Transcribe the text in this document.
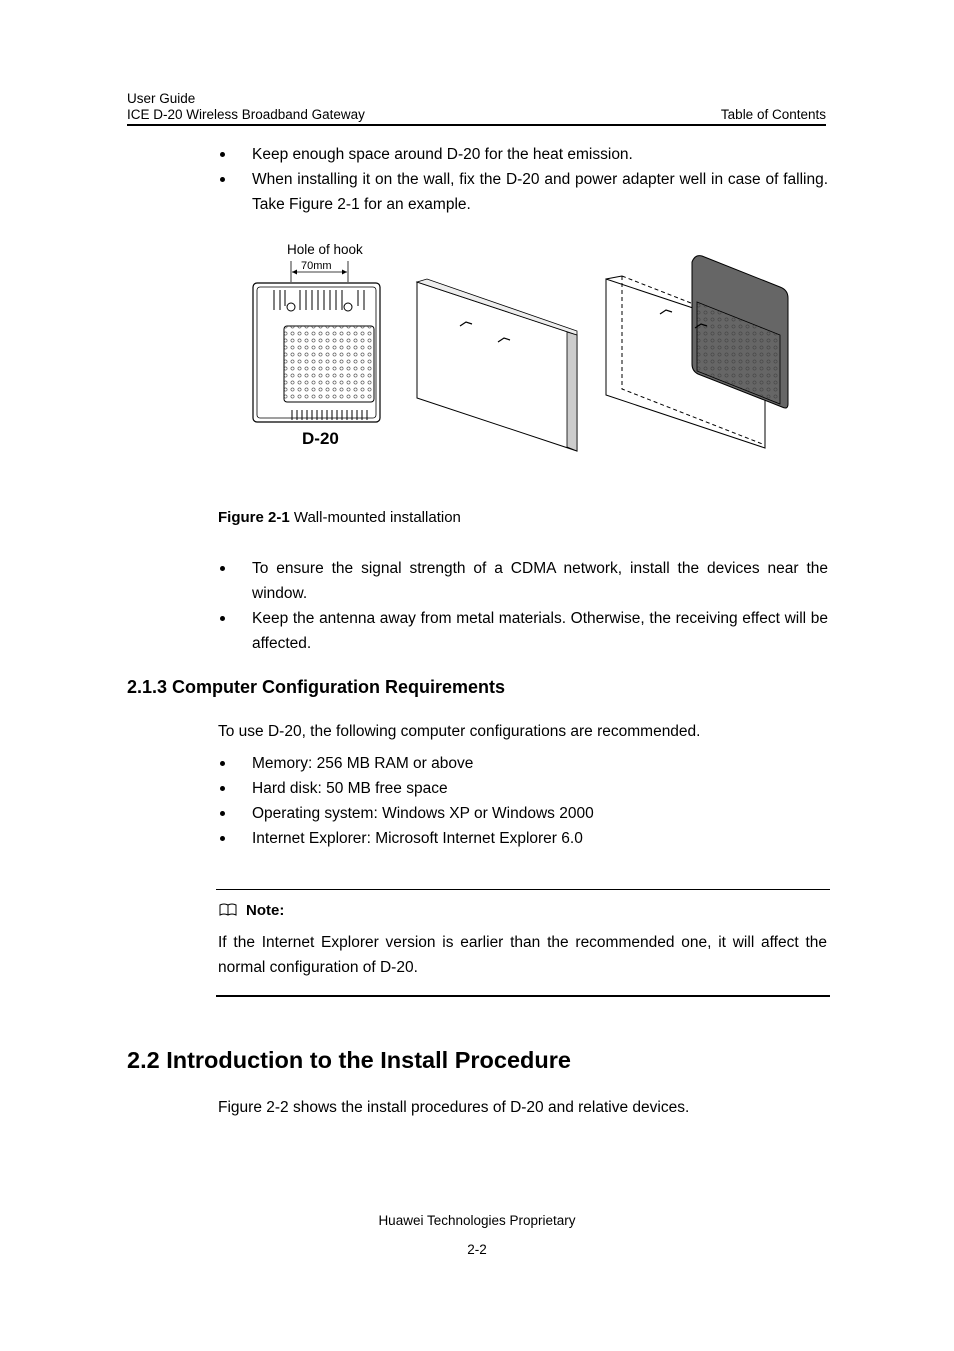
User Guide
ICE D-20 Wireless Broadband Gateway	Table of Contents
Keep enough space around D-20 for the heat emission.
When installing it on the wall, fix the D-20 and power adapter well in case of falling. Take Figure 2-1 for an example.
Hole of hook
70mm
D-20
Figure 2-1 Wall-mounted installation
To ensure the signal strength of a CDMA network, install the devices near the window.
Keep the antenna away from metal materials. Otherwise, the receiving effect will be affected.
2.1.3 Computer Configuration Requirements
To use D-20, the following computer configurations are recommended.
Memory: 256 MB RAM or above
Hard disk: 50 MB free space
Operating system: Windows XP or Windows 2000
Internet Explorer: Microsoft Internet Explorer 6.0
Note:
If the Internet Explorer version is earlier than the recommended one, it will affect the normal configuration of D-20.
2.2 Introduction to the Install Procedure
Figure 2-2 shows the install procedures of D-20 and relative devices.
Huawei Technologies Proprietary
2-2
